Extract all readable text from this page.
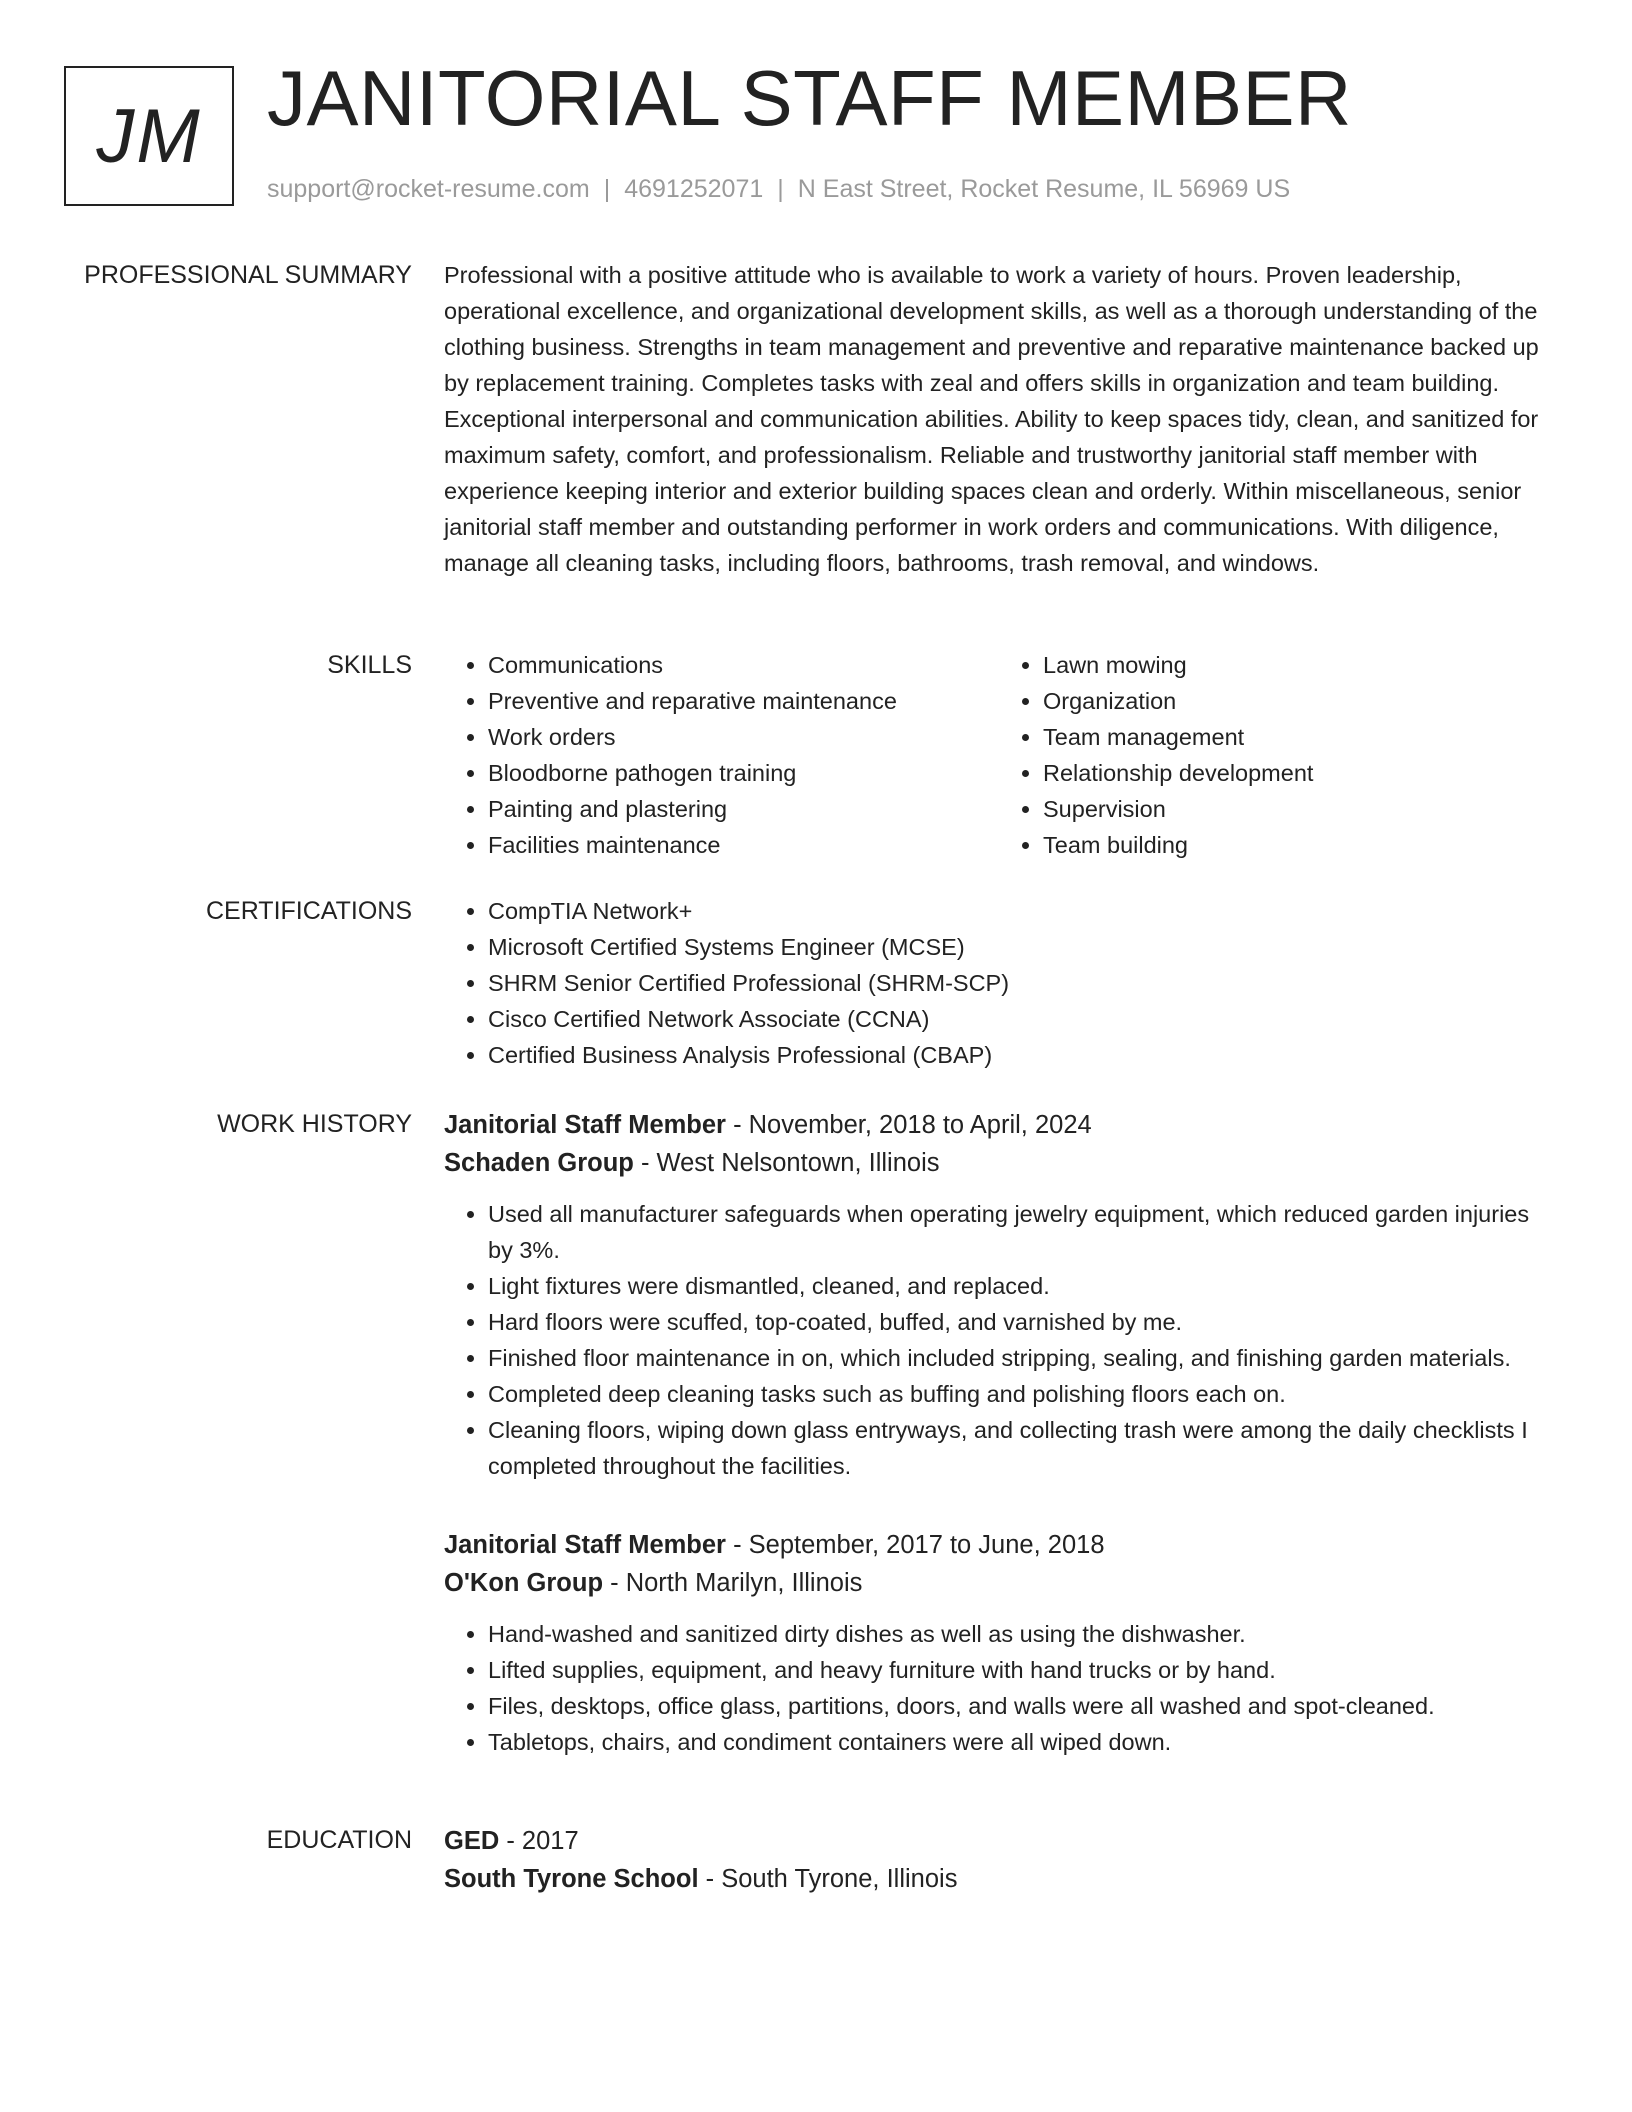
JM JANITORIAL STAFF MEMBER
support@rocket-resume.com | 4691252071 | N East Street, Rocket Resume, IL 56969 US
PROFESSIONAL SUMMARY Professional with a positive attitude who is available to work a variety of hours. Proven leadership, operational excellence, and organizational development skills, as well as a thorough understanding of the clothing business. Strengths in team management and preventive and reparative maintenance backed up by replacement training. Completes tasks with zeal and offers skills in organization and team building. Exceptional interpersonal and communication abilities. Ability to keep spaces tidy, clean, and sanitized for maximum safety, comfort, and professionalism. Reliable and trustworthy janitorial staff member with experience keeping interior and exterior building spaces clean and orderly. Within miscellaneous, senior janitorial staff member and outstanding performer in work orders and communications. With diligence, manage all cleaning tasks, including floors, bathrooms, trash removal, and windows.
SKILLS	• Communications
• Preventive and reparative maintenance
• Work orders
• Bloodborne pathogen training
• Painting and plastering
• Facilities maintenance
• Lawn mowing
• Organization
• Team management
• Relationship development
• Supervision
• Team building
CERTIFICATIONS	• CompTIA Network+
• Microsoft Certified Systems Engineer (MCSE)
• SHRM Senior Certified Professional (SHRM-SCP)
• Cisco Certified Network Associate (CCNA)
• Certified Business Analysis Professional (CBAP)
WORK HISTORY Janitorial Staff Member - November, 2018 to April, 2024
Schaden Group - West Nelsontown, Illinois
• Used all manufacturer safeguards when operating jewelry equipment, which reduced garden injuries by 3%.
• Light fixtures were dismantled, cleaned, and replaced.
• Hard floors were scuffed, top-coated, buffed, and varnished by me.
• Finished floor maintenance in on, which included stripping, sealing, and finishing garden materials.
• Completed deep cleaning tasks such as buffing and polishing floors each on.
• Cleaning floors, wiping down glass entryways, and collecting trash were among the daily checklists I completed throughout the facilities.
Janitorial Staff Member - September, 2017 to June, 2018
O'Kon Group - North Marilyn, Illinois
• Hand-washed and sanitized dirty dishes as well as using the dishwasher.
• Lifted supplies, equipment, and heavy furniture with hand trucks or by hand.
• Files, desktops, office glass, partitions, doors, and walls were all washed and spot-cleaned.
• Tabletops, chairs, and condiment containers were all wiped down.
EDUCATION GED - 2017
South Tyrone School - South Tyrone, Illinois
